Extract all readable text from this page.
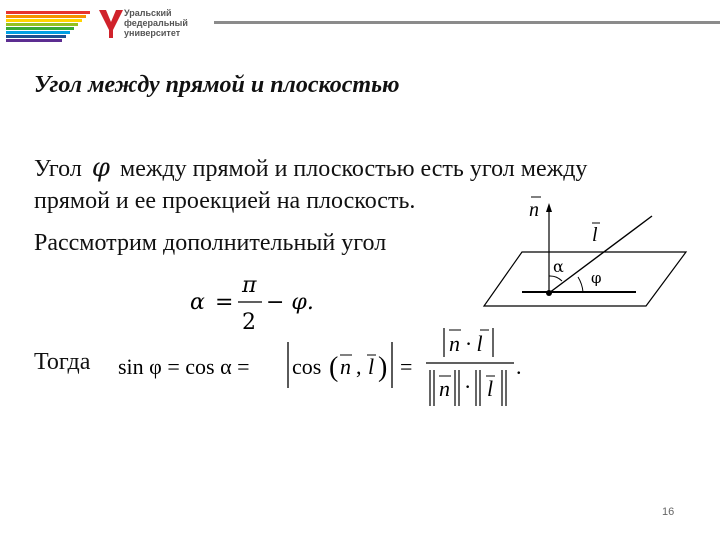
Уральский
федеральный
университет
Угол между прямой и плоскостью
Угол φ между прямой и плоскостью есть угол между
прямой и ее проекцией на плоскость.
Рассмотрим дополнительный угол
Тогда
n
l
α
φ
α =
π
2
− φ.
sin φ = cos α = cos ( n , l ) =
n · l
n · l
.
16
